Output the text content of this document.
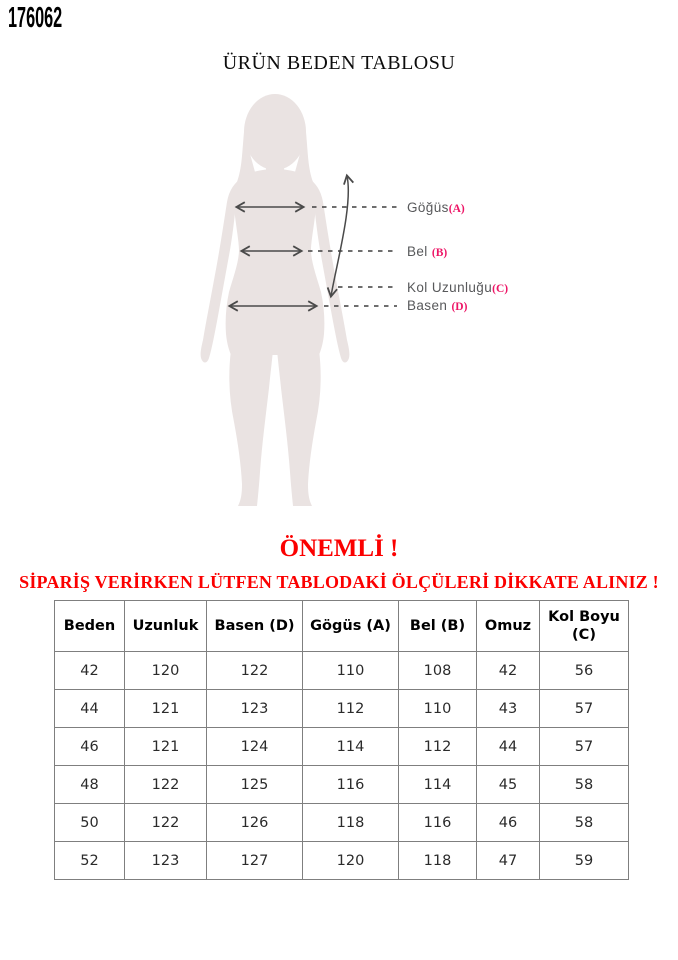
176062
ÜRÜN BEDEN TABLOSU
Göğüs(A)
Bel (B)
Kol Uzunluğu(C)
Basen (D)
ÖNEMLİ !
SİPARİŞ VERİRKEN LÜTFEN TABLODAKİ ÖLÇÜLERİ DİKKATE ALINIZ !
Beden	Uzunluk	Basen (D)	Gögüs (A)	Bel (B)	Omuz	Kol Boyu (C)
42	120	122	110	108	42	56
44	121	123	112	110	43	57
46	121	124	114	112	44	57
48	122	125	116	114	45	58
50	122	126	118	116	46	58
52	123	127	120	118	47	59
